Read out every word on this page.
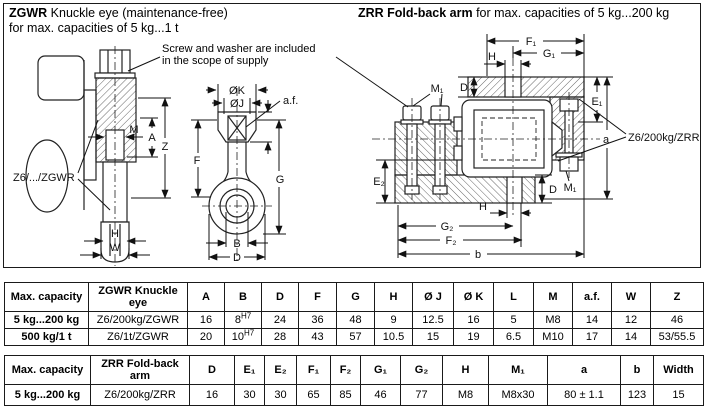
M
A
Z
H
W
Z6/.../ZGWR
ØK
ØJ	a.f.
F
G
B
D
F₁
G₁
H
D
M₁
E₁
a
E₂	M₁
D
H
G₂
F₂
b
Z6/200kg/ZRR
ZGWR Knuckle eye (maintenance-free)
for max. capacities of 5 kg...1 t
ZRR Fold-back arm for max. capacities of 5 kg...200 kg
Screw and washer are included
in the scope of supply
Max. capacity	ZGWR Knuckle eye	A	B	D	F	G	H	Ø J	Ø K	L	M	a.f.	W	Z
5 kg...200 kg	Z6/200kg/ZGWR	16	$8^{H7}$	24	36	48	9	12.5	16	5	M8	14	12	46
500 kg/1 t	Z6/1t/ZGWR	20	$10^{H7}$	28	43	57	10.5	15	19	6.5	M10	17	14	53/55.5
Max. capacity	ZRR Fold-back arm	D	E₁	E₂	F₁	F₂	G₁	G₂	H	M₁	a	b	Width
5 kg...200 kg	Z6/200kg/ZRR	16	30	30	65	85	46	77	M8	M8x30	80 ± 1.1	123	15
